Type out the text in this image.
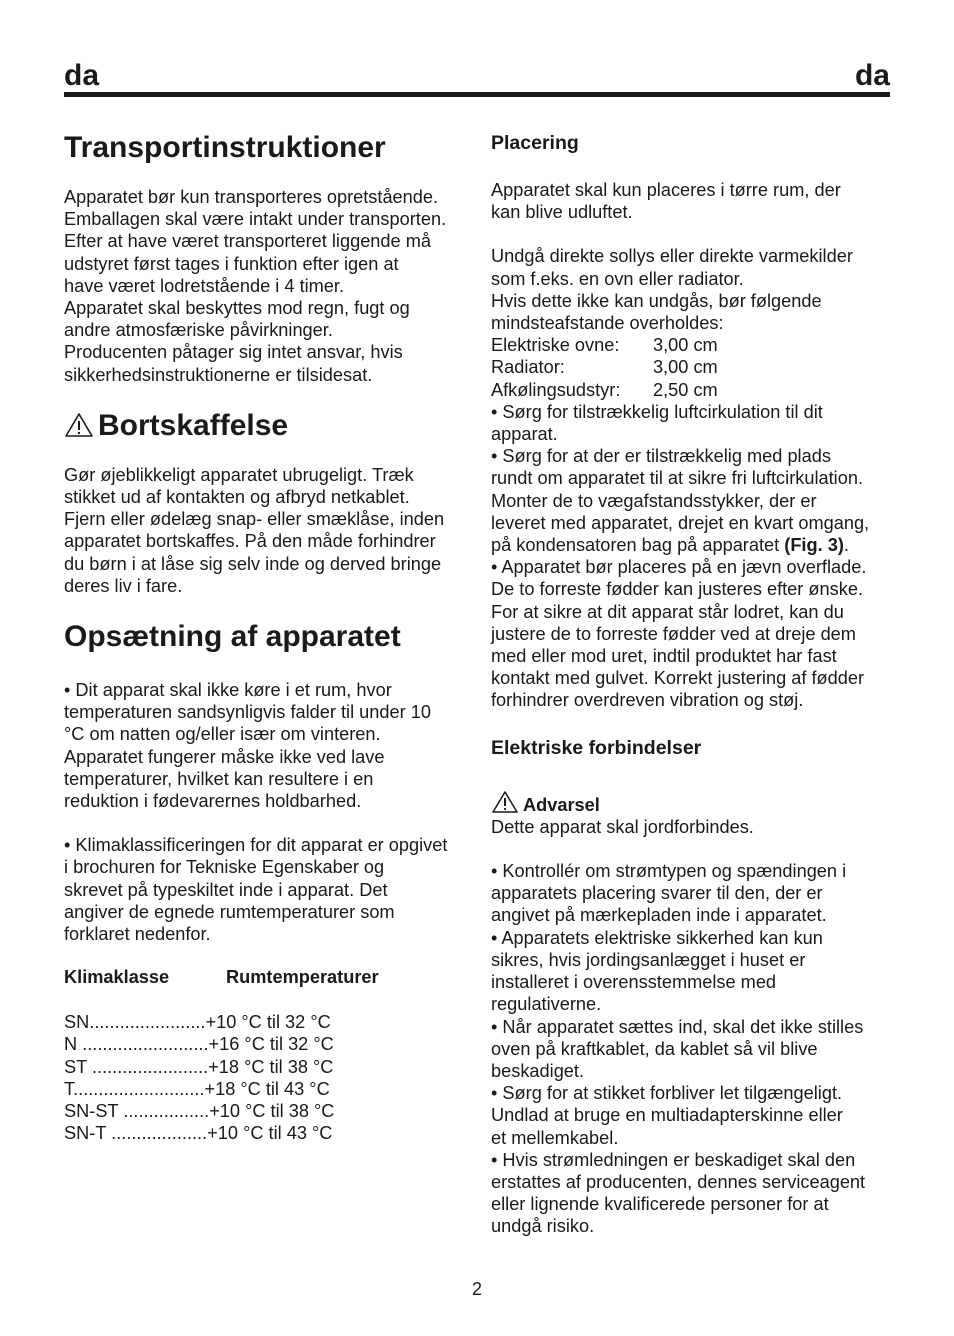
da	da
Transportinstruktioner

Apparatet bør kun transporteres opretstående.
Emballagen skal være intakt under transporten.
Efter at have været transporteret liggende må
udstyret først tages i funktion efter igen at
have været lodretstående i 4 timer.
Apparatet skal beskyttes mod regn, fugt og
andre atmosfæriske påvirkninger.
Producenten påtager sig intet ansvar, hvis
sikkerhedsinstruktionerne er tilsidesat.

Bortskaffelse

Gør øjeblikkeligt apparatet ubrugeligt. Træk
stikket ud af kontakten og afbryd netkablet.
Fjern eller ødelæg snap- eller smæklåse, inden
apparatet bortskaffes. På den måde forhindrer
du børn i at låse sig selv inde og derved bringe
deres liv i fare.

Opsætning af apparatet

• Dit apparat skal ikke køre i et rum, hvor
temperaturen sandsynligvis falder til under 10
°C om natten og/eller især om vinteren.
Apparatet fungerer måske ikke ved lave
temperaturer, hvilket kan resultere i en
reduktion i fødevarernes holdbarhed.

• Klimaklassificeringen for dit apparat er opgivet
i brochuren for Tekniske Egenskaber og
skrevet på typeskiltet inde i apparat. Det
angiver de egnede rumtemperaturer som
forklaret nedenfor.

Klimaklasse	Rumtemperaturer
SN.......................+10 °C til 32 °C
N .........................+16 °C til 32 °C
ST .......................+18 °C til 38 °C
T..........................+18 °C til 43 °C
SN-ST .................+10 °C til 38 °C
SN-T ...................+10 °C til 43 °C
Placering

Apparatet skal kun placeres i tørre rum, der
kan blive udluftet.

Undgå direkte sollys eller direkte varmekilder
som f.eks. en ovn eller radiator.
Hvis dette ikke kan undgås, bør følgende
mindsteafstande overholdes:

Elektriske ovne:	3,00 cm
Radiator:	3,00 cm
Afkølingsudstyr:	2,50 cm

• Sørg for tilstrækkelig luftcirkulation til dit
apparat.
• Sørg for at der er tilstrækkelig med plads
rundt om apparatet til at sikre fri luftcirkulation.
Monter de to vægafstandsstykker, der er
leveret med apparatet, drejet en kvart omgang,
på kondensatoren bag på apparatet (Fig. 3).

• Apparatet bør placeres på en jævn overflade.
De to forreste fødder kan justeres efter ønske.
For at sikre at dit apparat står lodret, kan du
justere de to forreste fødder ved at dreje dem
med eller mod uret, indtil produktet har fast
kontakt med gulvet. Korrekt justering af fødder
forhindrer overdreven vibration og støj.

Elektriske forbindelser
Advarsel

Dette apparat skal jordforbindes.

• Kontrollér om strømtypen og spændingen i
apparatets placering svarer til den, der er
angivet på mærkepladen inde i apparatet.
• Apparatets elektriske sikkerhed kan kun
sikres, hvis jordingsanlægget i huset er
installeret i overensstemmelse med
regulativerne.
• Når apparatet sættes ind, skal det ikke stilles
oven på kraftkablet, da kablet så vil blive
beskadiget.
• Sørg for at stikket forbliver let tilgængeligt.
Undlad at bruge en multiadapterskinne eller
et mellemkabel.
• Hvis strømledningen er beskadiget skal den
erstattes af producenten, dennes serviceagent
eller lignende kvalificerede personer for at
undgå risiko.

2
